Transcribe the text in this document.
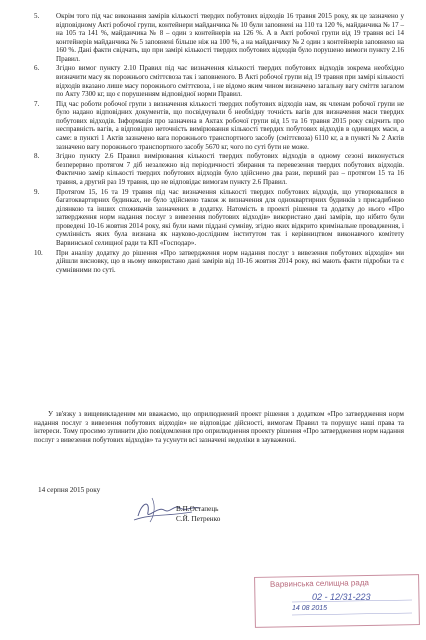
5. Окрім того під час виконання замірів кількості твердих побутових відходів 16 травня 2015 року, як це зазначено у відповідному Акті робочої групи, контейнери майданчика № 10 були заповнені на 110 та 120 %, майданчика № 17 – на 105 та 141 %, майданчика № 8 – один з контейнерів на 126 %. А в Акті робочої групи від 19 травня всі 14 контейнерів майданчика № 5 заповнені більше ніж на 100 %, а на майданчику № 2 один з контейнерів заповнено на 160 %. Дані факти свідчать, що при замірі кількості твердих побутових відходів було порушено вимоги пункту 2.16 Правил.
6. Згідно вимог пункту 2.10 Правил під час визначення кількості твердих побутових відходів зокрема необхідно визначити масу як порожнього сміттєвоза так і заповненого. В Акті робочої групи від 19 травня при замірі кількості відходів вказано лише масу порожнього сміттєвоза, і не відомо яким чином визначено загальну вагу сміття загалом по Акту 7300 кг, що є порушенням відповідної норми Правил.
7. Під час роботи робочої групи з визначення кількості твердих побутових відходів нам, як членам робочої групи не було надано відповідних документів, що посвідчували б необхідну точність вагів для визначення маси твердих побутових відходів. Інформація про зазначена в Актах робочої групи від 15 та 16 травня 2015 року свідчить про несправність вагів, а відповідно неточність вимірювання кількості твердих побутових відходів в одиницях маси, а саме: в пункті 1 Актів зазначено вага порожнього транспортного засобу (сміттєвоза) 6110 кг, а в пункті № 2 Актів зазначено вагу порожнього транспортного засобу 5670 кг, чого по суті бути не може.
8. Згідно пункту 2.6 Правил вимірювання кількості твердих побутових відходів в одному сезоні виконується безперервно протягом 7 діб незалежно від періодичності збирання та перевезення твердих побутових відходів. Фактично замір кількості твердих побутових відходів було здійснено два рази, перший раз – протягом 15 та 16 травня, а другий раз 19 травня, що не відповідає вимогам пункту 2.6 Правил.
9. Протягом 15, 16 та 19 травня під час визначення кількості твердих побутових відходів, що утворювалися в багатоквартирних будинках, не було здійснено також ж визначення для одноквартирних будинків з присадибною ділянкою та інших споживачів зазначених в додатку. Натомість в проекті рішення та додатку до нього «Про затвердження норм надання послуг з вивезення побутових відходів» використано дані замірів, що нібито були проведені 10-16 жовтня 2014 року, які були нами піддані сумніву, згідно яких відкрито кримінальне провадження, і сумлінність яких була визнана як науково-дослідним інститутом так і керівництвом виконавчого комітету Варвинської селищної ради та КП «Господар».
10. При аналізу додатку до рішення «Про затвердження норм надання послуг з вивезення побутових відходів» ми дійшли висновку, що в ньому використано дані замірів від 10-16 жовтня 2014 року, які мають факти підробки та є сумнівними по суті.
У зв'язку з вищевикладеним ми вважаємо, що оприлюднений проект рішення з додатком «Про затвердження норм надання послуг з вивезення побутових відходів» не відповідає дійсності, вимогам Правил та порушує наші права та інтереси. Тому просимо зупинити дію повідомлення про оприлюднення проекту рішення «Про затвердження норм надання послуг з вивезення побутових відходів» та усунути всі зазначені недоліки в зауваженні.
14 серпня 2015 року
В.П.Остапець
С.Й. Петренко
Варвинська селищна рада
02 - 12/31-223
14 08 2015
